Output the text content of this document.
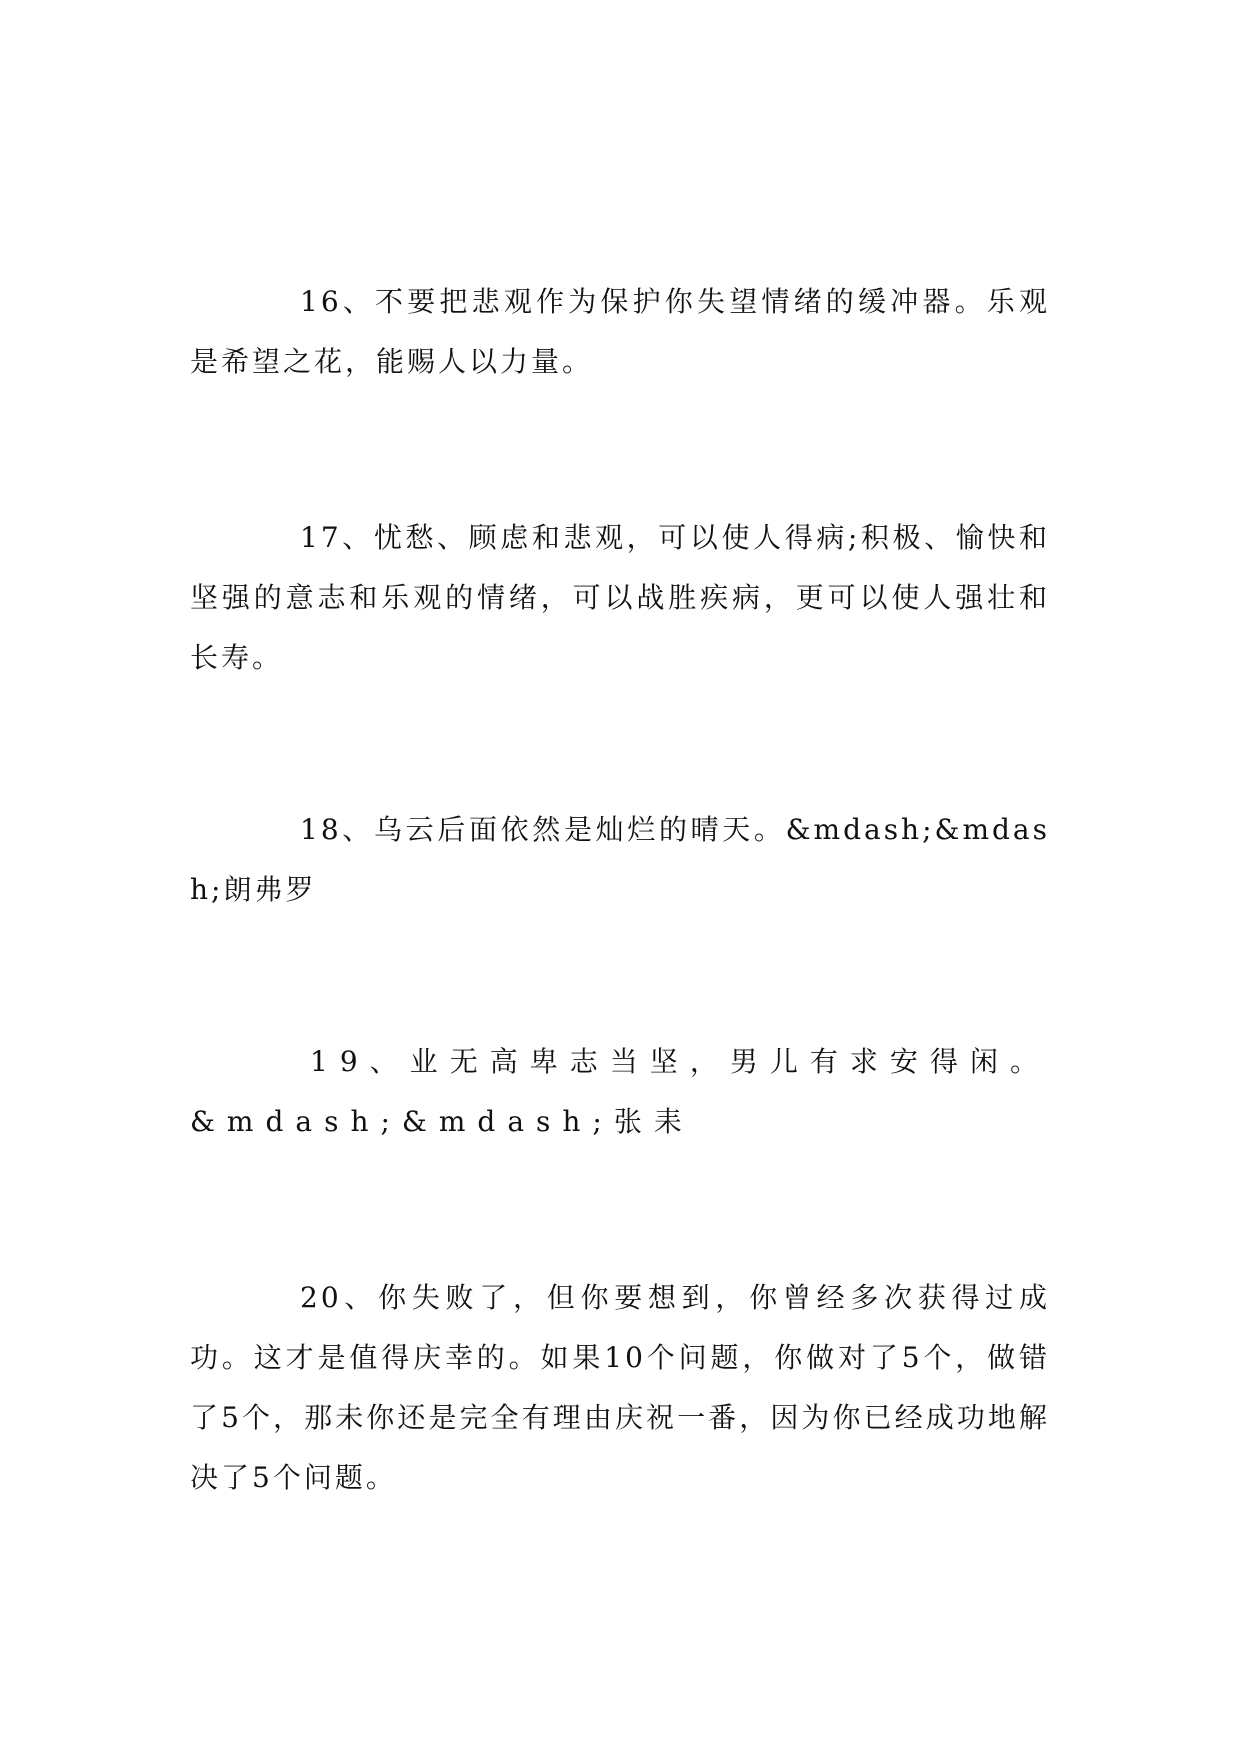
16、不要把悲观作为保护你失望情绪的缓冲器。乐观是希望之花，能赐人以力量。

17、忧愁、顾虑和悲观，可以使人得病;积极、愉快和坚强的意志和乐观的情绪，可以战胜疾病，更可以使人强壮和长寿。

18、乌云后面依然是灿烂的晴天。&mdash;&mdash;朗弗罗

19、业无高卑志当坚，男儿有求安得闲。&mdash;&mdash;张耒

20、你失败了，但你要想到，你曾经多次获得过成功。这才是值得庆幸的。如果10个问题，你做对了5个，做错了5个，那未你还是完全有理由庆祝一番，因为你已经成功地解决了5个问题。
